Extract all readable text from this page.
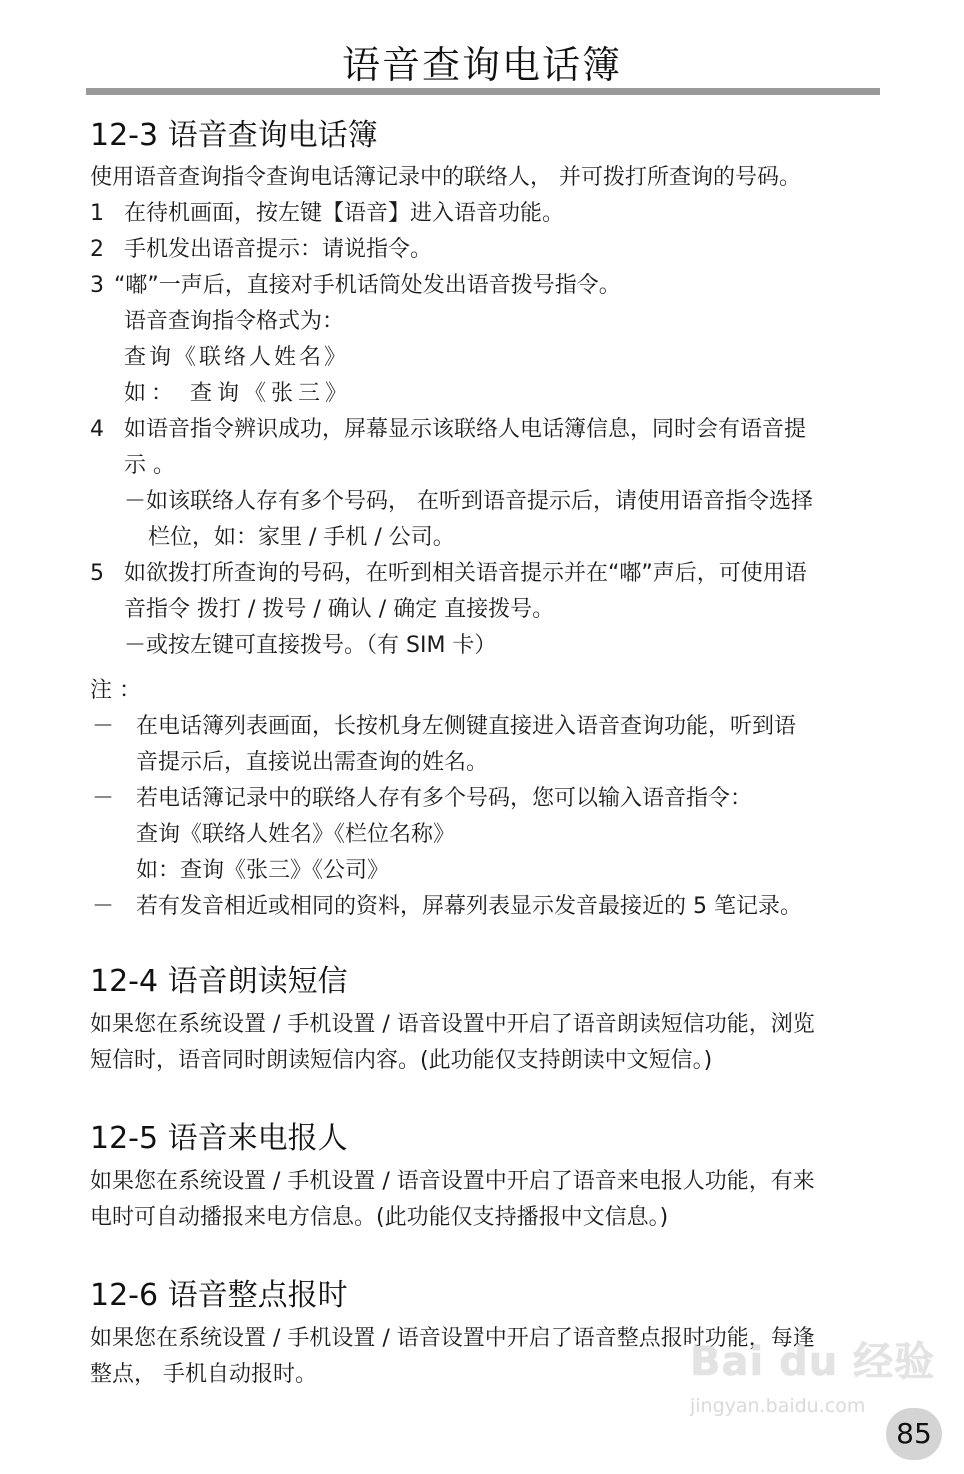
语音查询电话簿
12-3 语音查询电话簿
使用语音查询指令查询电话簿记录中的联络人， 并可拨打所查询的号码。
1 在待机画面，按左键【语音】进入语音功能。
2 手机发出语音提示：请说指令。
3 “嘟”一声后，直接对手机话筒处发出语音拨号指令。
语音查询指令格式为：
查询《联络人姓名》
如： 查询《张三》
4 如语音指令辨识成功，屏幕显示该联络人电话簿信息，同时会有语音提
示 。
－如该联络人存有多个号码， 在听到语音提示后，请使用语音指令选择
栏位，如：家里 / 手机 / 公司。
5 如欲拨打所查询的号码，在听到相关语音提示并在“嘟”声后，可使用语
音指令 拨打 / 拨号 / 确认 / 确定 直接拨号。
－或按左键可直接拨号。（有 SIM 卡）
注 ：
－ 在电话簿列表画面，长按机身左侧键直接进入语音查询功能，听到语
音提示后，直接说出需查询的姓名。
－ 若电话簿记录中的联络人存有多个号码，您可以输入语音指令：
查询《联络人姓名》《栏位名称》
如：查询《张三》《公司》
－ 若有发音相近或相同的资料，屏幕列表显示发音最接近的 5 笔记录。
12-4 语音朗读短信
如果您在系统设置 / 手机设置 / 语音设置中开启了语音朗读短信功能，浏览
短信时，语音同时朗读短信内容。(此功能仅支持朗读中文短信。)
12-5 语音来电报人
如果您在系统设置 / 手机设置 / 语音设置中开启了语音来电报人功能，有来
电时可自动播报来电方信息。(此功能仅支持播报中文信息。)
12-6 语音整点报时
如果您在系统设置 / 手机设置 / 语音设置中开启了语音整点报时功能，每逢
整点， 手机自动报时。	Bai du 经验
jingyan.baidu.com
85
